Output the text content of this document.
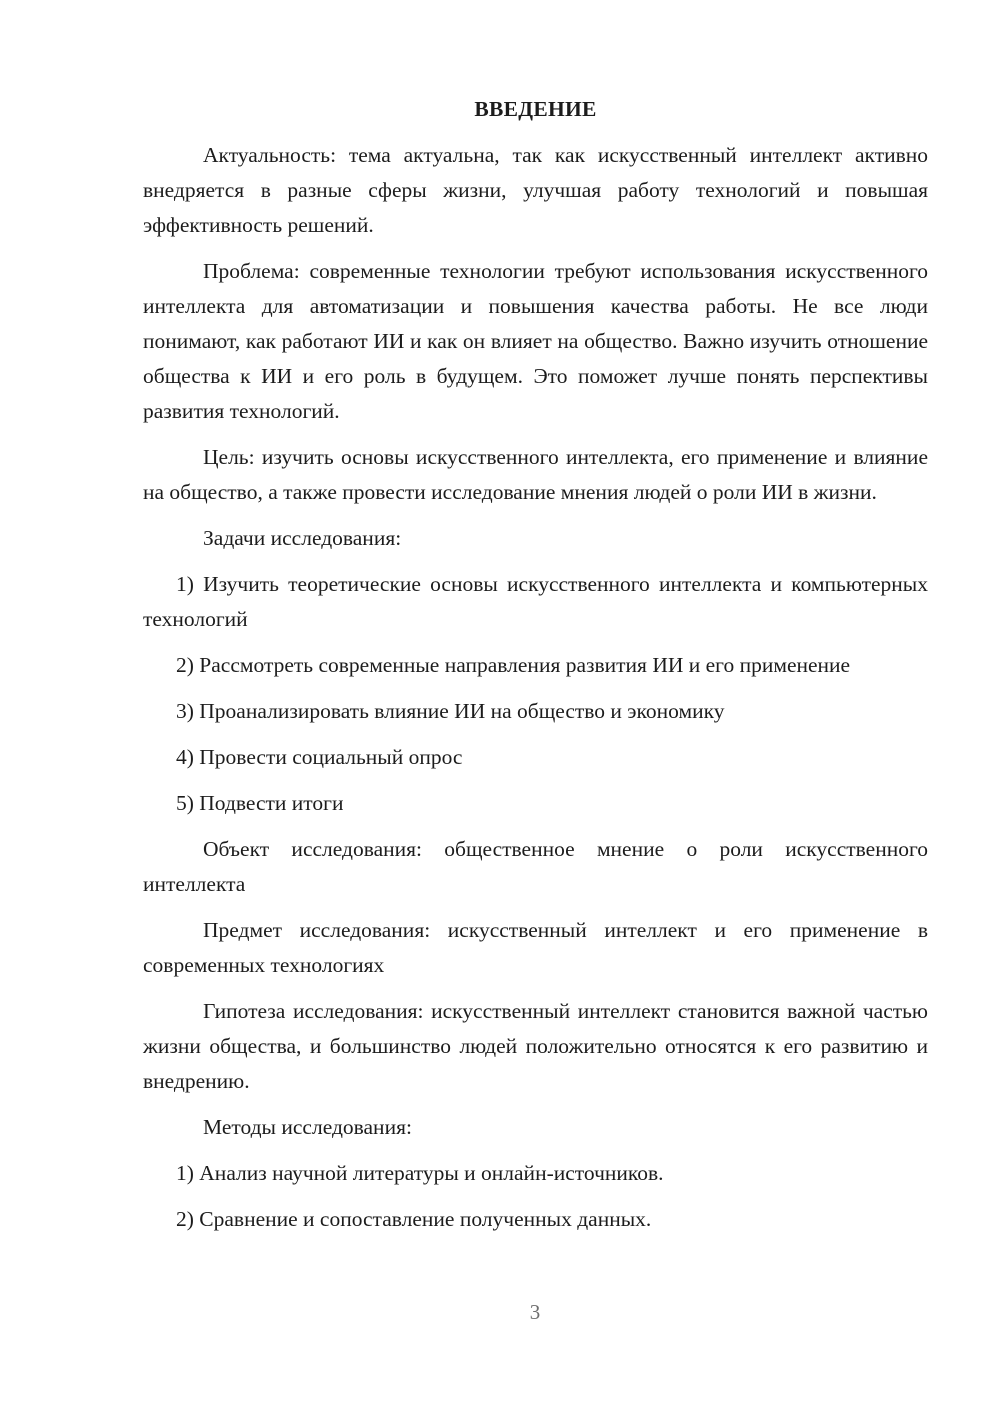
ВВЕДЕНИЕ

Актуальность: тема актуальна, так как искусственный интеллект активно внедряется в разные сферы жизни, улучшая работу технологий и повышая эффективность решений.

Проблема: современные технологии требуют использования искусственного интеллекта для автоматизации и повышения качества работы. Не все люди понимают, как работают ИИ и как он влияет на общество. Важно изучить отношение общества к ИИ и его роль в будущем. Это поможет лучше понять перспективы развития технологий.

Цель: изучить основы искусственного интеллекта, его применение и влияние на общество, а также провести исследование мнения людей о роли ИИ в жизни.

Задачи исследования:

1) Изучить теоретические основы искусственного интеллекта и компьютерных технологий

2) Рассмотреть современные направления развития ИИ и его применение

3) Проанализировать влияние ИИ на общество и экономику

4) Провести социальный опрос

5) Подвести итоги

Объект исследования: общественное мнение о роли искусственного интеллекта

Предмет исследования: искусственный интеллект и его применение в современных технологиях

Гипотеза исследования: искусственный интеллект становится важной частью жизни общества, и большинство людей положительно относятся к его развитию и внедрению.

Методы исследования:

1) Анализ научной литературы и онлайн-источников.

2) Сравнение и сопоставление полученных данных.

3
